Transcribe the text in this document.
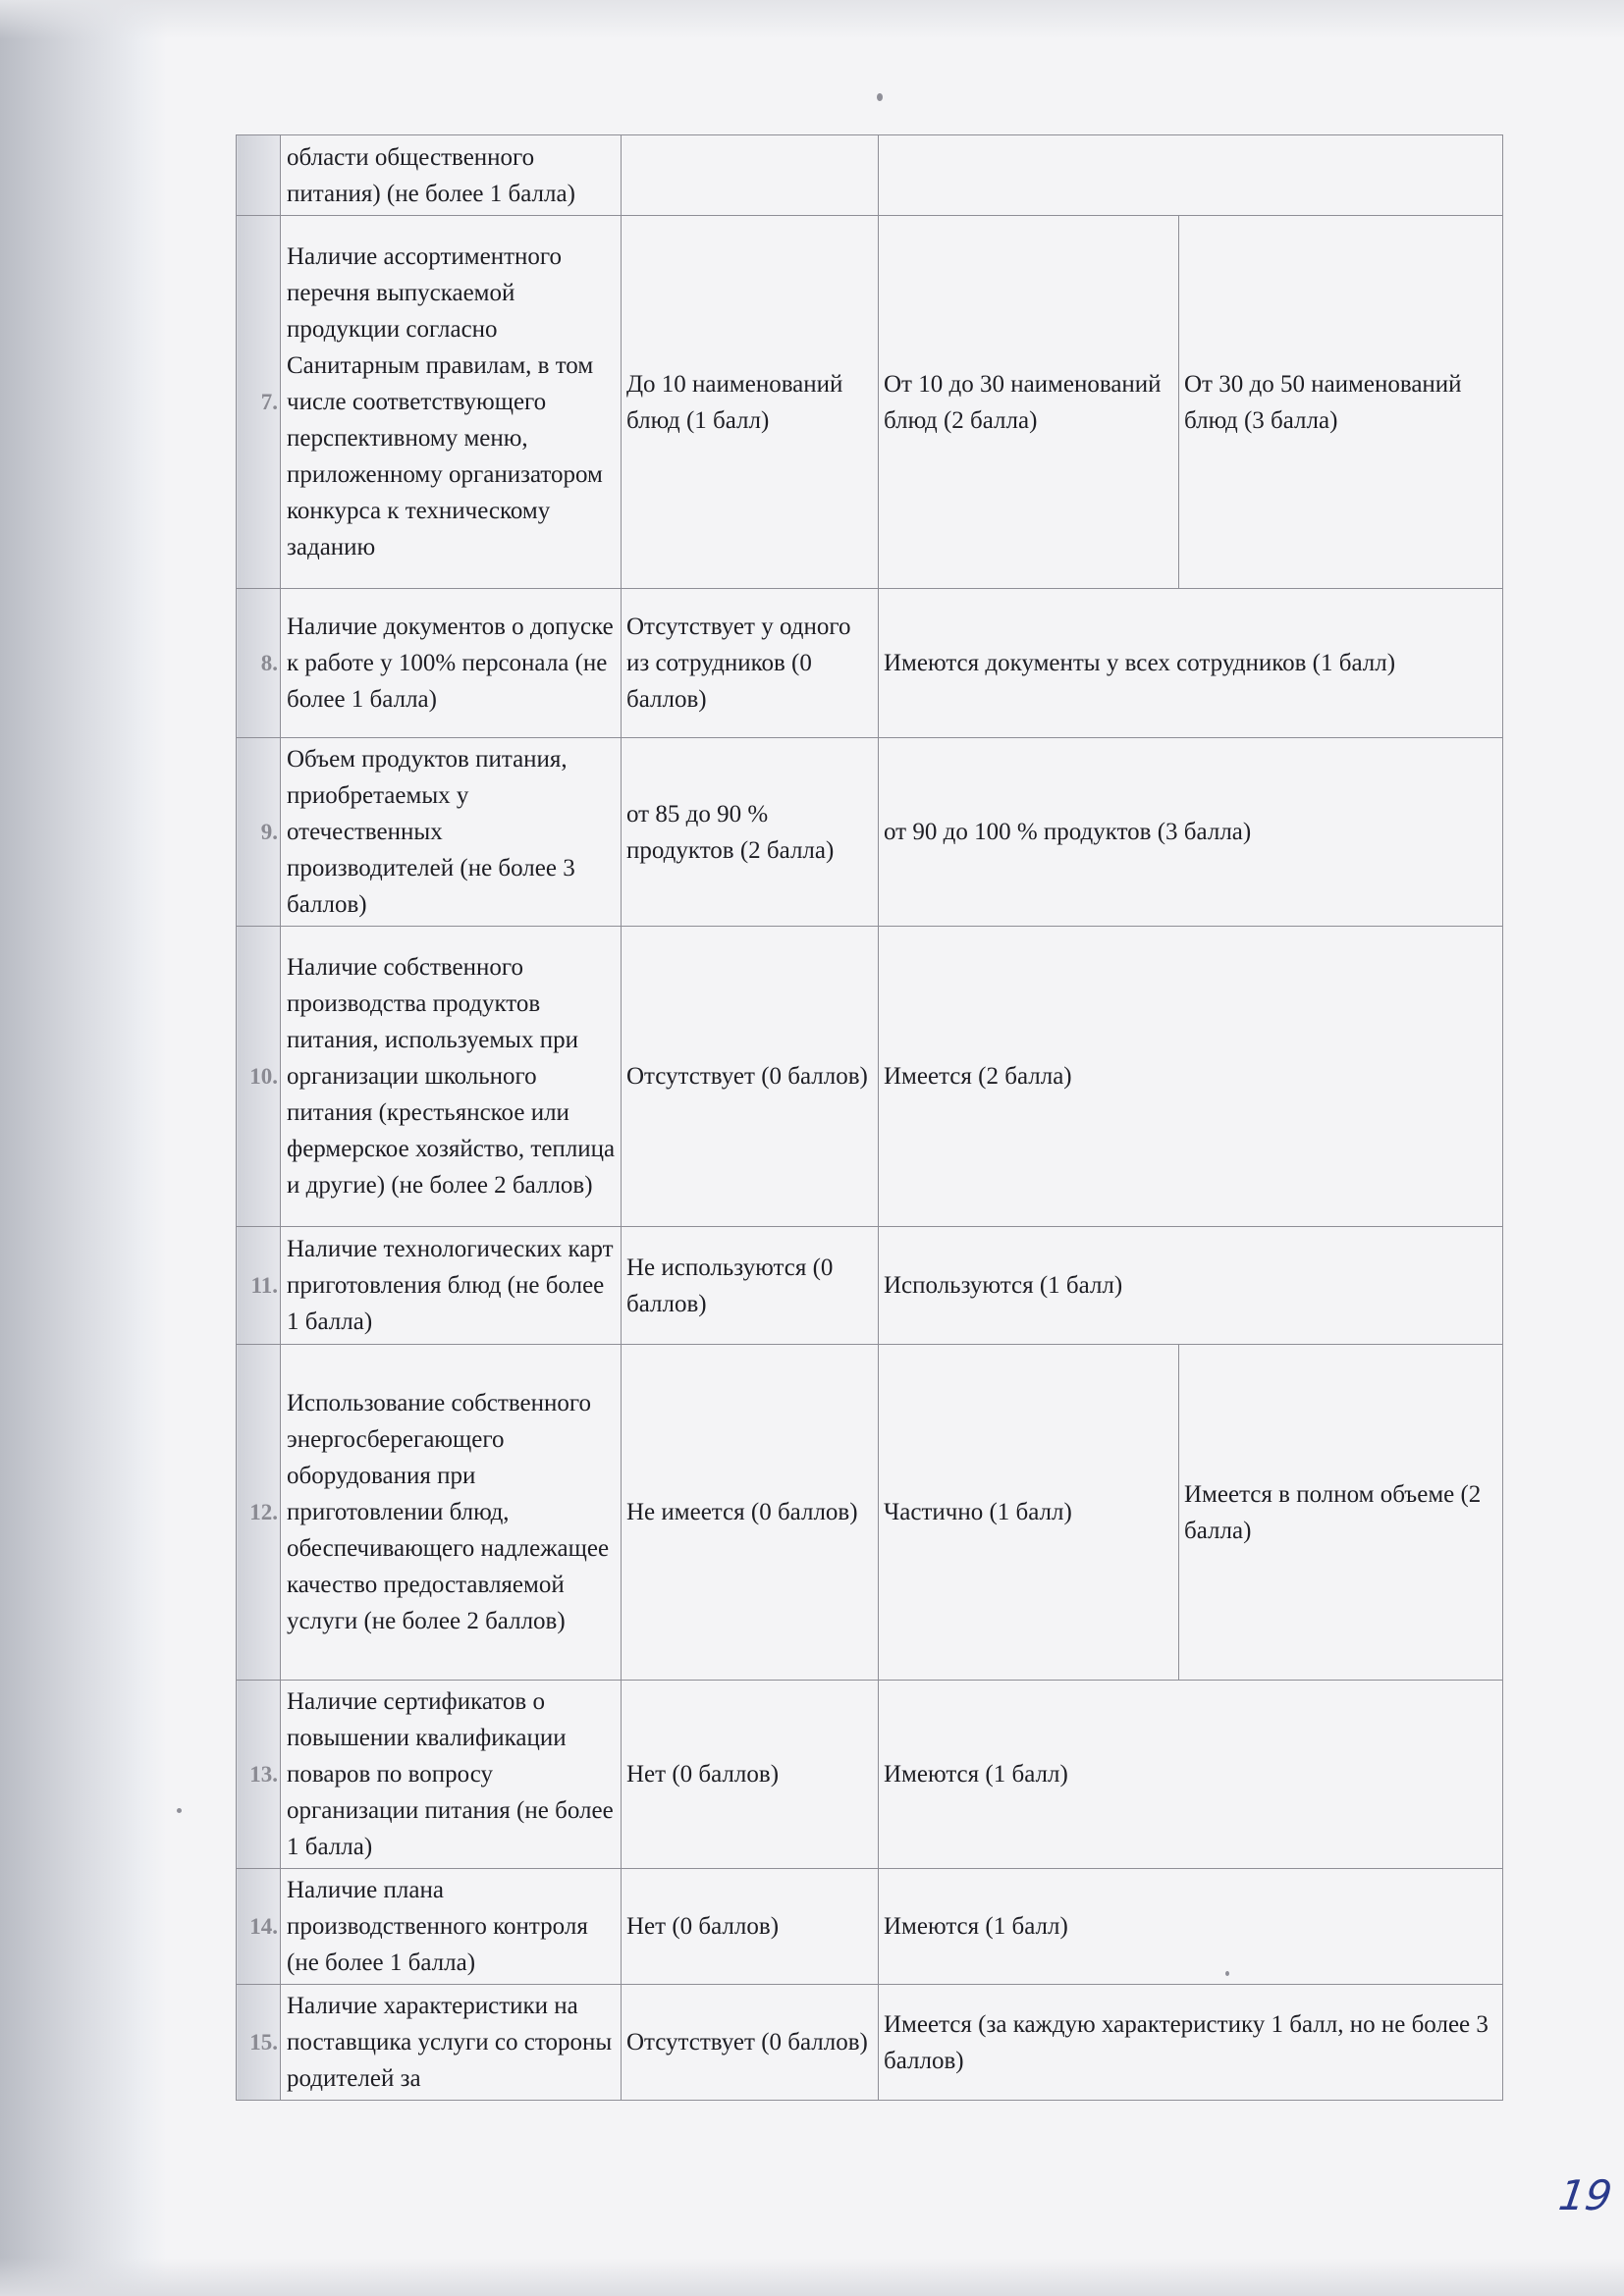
	области общественного питания) (не более 1 балла)			
7.	Наличие ассортиментного перечня выпускаемой продукции согласно Санитарным правилам, в том числе соответствующего перспективному меню, приложенному организатором конкурса к техническому заданию	До 10 наименований блюд (1 балл)	От 10 до 30 наименований блюд (2 балла)	От 30 до 50 наименований блюд (3 балла)
8.	Наличие документов о допуске к работе у 100% персонала (не более 1 балла)	Отсутствует у одного из сотрудников (0 баллов)	Имеются документы у всех сотрудников (1 балл)	
9.	Объем продуктов питания, приобретаемых у отечественных производителей (не более 3 баллов)	от 85 до 90 % продуктов (2 балла)	от 90 до 100 % продуктов (3 балла)	
10.	Наличие собственного производства продуктов питания, используемых при организации школьного питания (крестьянское или фермерское хозяйство, теплица и другие) (не более 2 баллов)	Отсутствует (0 баллов)	Имеется (2 балла)	
11.	Наличие технологических карт приготовления блюд (не более 1 балла)	Не используются (0 баллов)	Используются (1 балл)	
12.	Использование собственного энергосберегающего оборудования при приготовлении блюд, обеспечивающего надлежащее качество предоставляемой услуги (не более 2 баллов)	Не имеется (0 баллов)	Частично (1 балл)	Имеется в полном объеме (2 балла)
13.	Наличие сертификатов о повышении квалификации поваров по вопросу организации питания (не более 1 балла)	Нет (0 баллов)	Имеются (1 балл)	
14.	Наличие плана производственного контроля (не более 1 балла)	Нет (0 баллов)	Имеются (1 балл)	
15.	Наличие характеристики на поставщика услуги со стороны родителей за	Отсутствует (0 баллов)	Имеется (за каждую характеристику 1 балл, но не более 3 баллов)	
19
